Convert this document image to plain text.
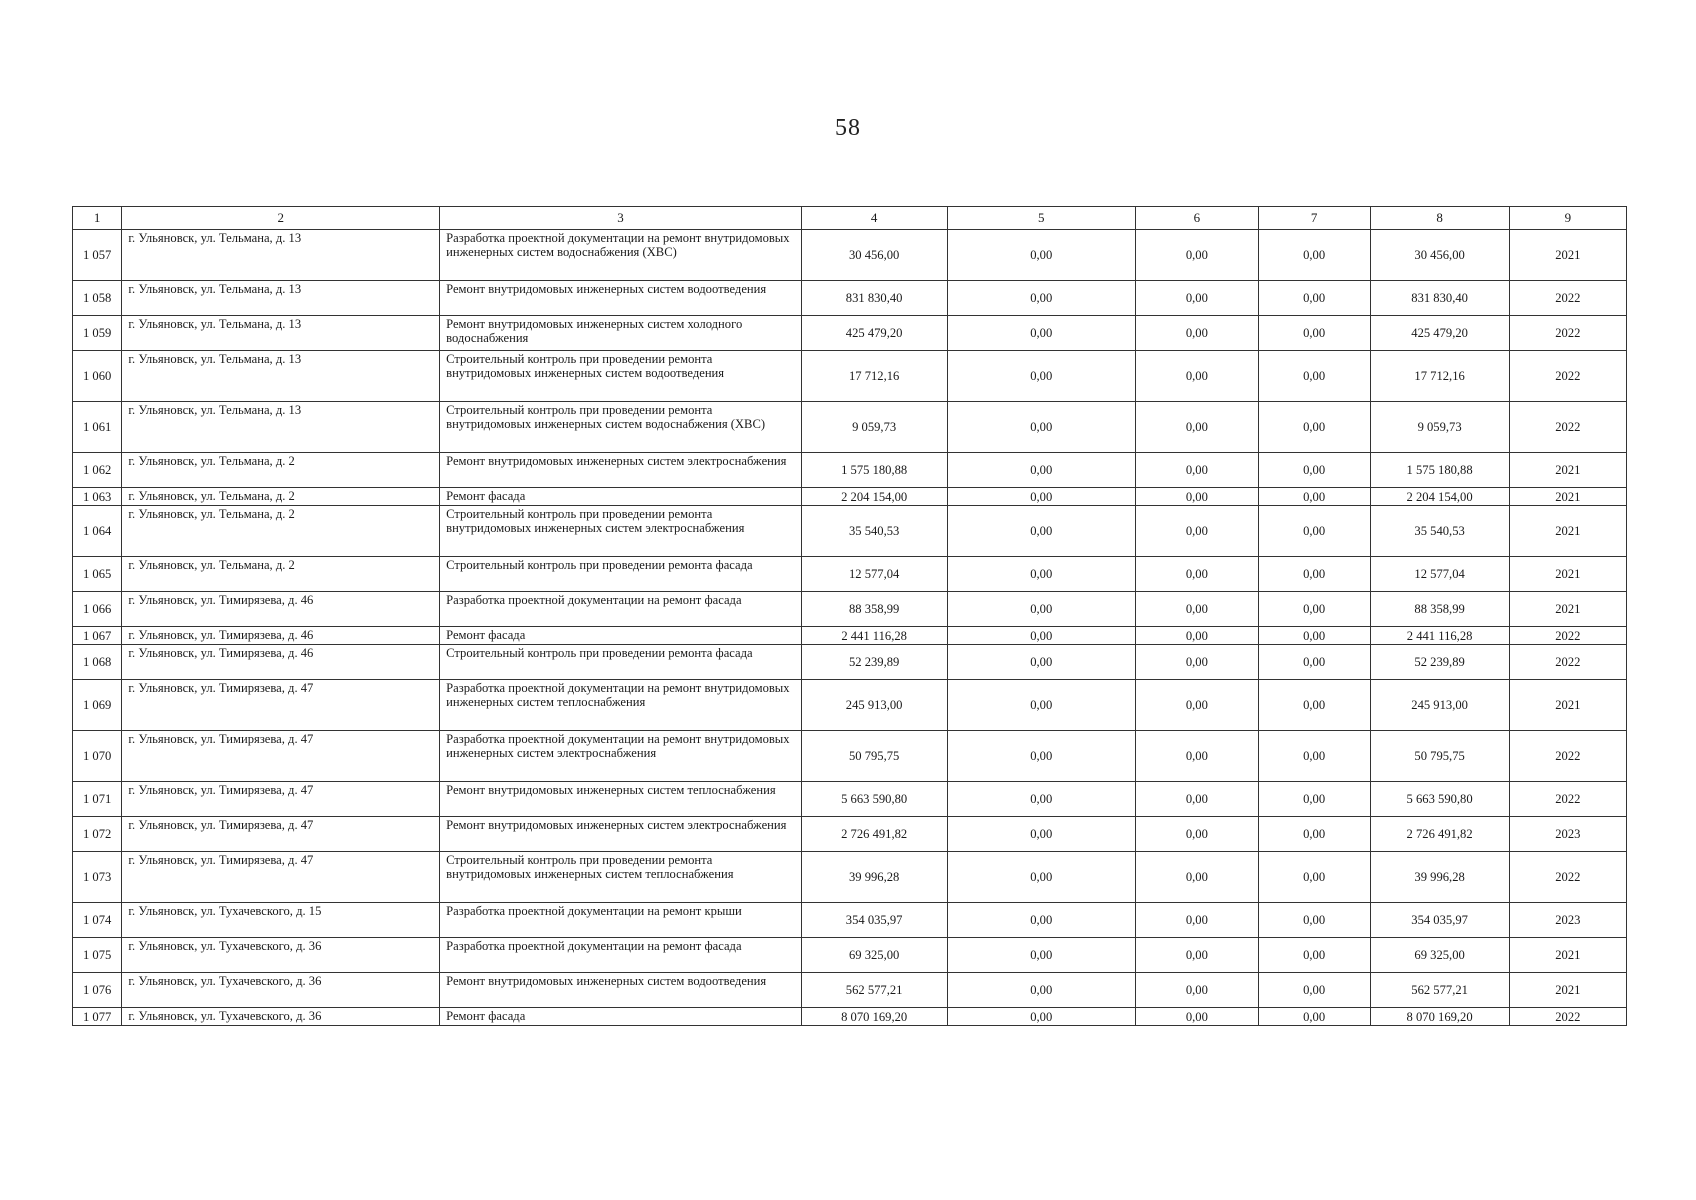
58
1	2	3	4	5	6	7	8	9
1 057	г. Ульяновск, ул. Тельмана, д. 13	Разработка проектной документации на ремонт внутридомовых инженерных систем водоснабжения (ХВС)	30 456,00	0,00	0,00	0,00	30 456,00	2021
1 058	г. Ульяновск, ул. Тельмана, д. 13	Ремонт внутридомовых инженерных систем водоотведения	831 830,40	0,00	0,00	0,00	831 830,40	2022
1 059	г. Ульяновск, ул. Тельмана, д. 13	Ремонт внутридомовых инженерных систем холодного водоснабжения	425 479,20	0,00	0,00	0,00	425 479,20	2022
1 060	г. Ульяновск, ул. Тельмана, д. 13	Строительный контроль при проведении ремонта внутридомовых инженерных систем водоотведения	17 712,16	0,00	0,00	0,00	17 712,16	2022
1 061	г. Ульяновск, ул. Тельмана, д. 13	Строительный контроль при проведении ремонта внутридомовых инженерных систем водоснабжения (ХВС)	9 059,73	0,00	0,00	0,00	9 059,73	2022
1 062	г. Ульяновск, ул. Тельмана, д. 2	Ремонт внутридомовых инженерных систем электроснабжения	1 575 180,88	0,00	0,00	0,00	1 575 180,88	2021
1 063	г. Ульяновск, ул. Тельмана, д. 2	Ремонт фасада	2 204 154,00	0,00	0,00	0,00	2 204 154,00	2021
1 064	г. Ульяновск, ул. Тельмана, д. 2	Строительный контроль при проведении ремонта внутридомовых инженерных систем электроснабжения	35 540,53	0,00	0,00	0,00	35 540,53	2021
1 065	г. Ульяновск, ул. Тельмана, д. 2	Строительный контроль при проведении ремонта фасада	12 577,04	0,00	0,00	0,00	12 577,04	2021
1 066	г. Ульяновск, ул. Тимирязева, д. 46	Разработка проектной документации на ремонт фасада	88 358,99	0,00	0,00	0,00	88 358,99	2021
1 067	г. Ульяновск, ул. Тимирязева, д. 46	Ремонт фасада	2 441 116,28	0,00	0,00	0,00	2 441 116,28	2022
1 068	г. Ульяновск, ул. Тимирязева, д. 46	Строительный контроль при проведении ремонта фасада	52 239,89	0,00	0,00	0,00	52 239,89	2022
1 069	г. Ульяновск, ул. Тимирязева, д. 47	Разработка проектной документации на ремонт внутридомовых инженерных систем теплоснабжения	245 913,00	0,00	0,00	0,00	245 913,00	2021
1 070	г. Ульяновск, ул. Тимирязева, д. 47	Разработка проектной документации на ремонт внутридомовых инженерных систем электроснабжения	50 795,75	0,00	0,00	0,00	50 795,75	2022
1 071	г. Ульяновск, ул. Тимирязева, д. 47	Ремонт внутридомовых инженерных систем теплоснабжения	5 663 590,80	0,00	0,00	0,00	5 663 590,80	2022
1 072	г. Ульяновск, ул. Тимирязева, д. 47	Ремонт внутридомовых инженерных систем электроснабжения	2 726 491,82	0,00	0,00	0,00	2 726 491,82	2023
1 073	г. Ульяновск, ул. Тимирязева, д. 47	Строительный контроль при проведении ремонта внутридомовых инженерных систем теплоснабжения	39 996,28	0,00	0,00	0,00	39 996,28	2022
1 074	г. Ульяновск, ул. Тухачевского, д. 15	Разработка проектной документации на ремонт крыши	354 035,97	0,00	0,00	0,00	354 035,97	2023
1 075	г. Ульяновск, ул. Тухачевского, д. 36	Разработка проектной документации на ремонт фасада	69 325,00	0,00	0,00	0,00	69 325,00	2021
1 076	г. Ульяновск, ул. Тухачевского, д. 36	Ремонт внутридомовых инженерных систем водоотведения	562 577,21	0,00	0,00	0,00	562 577,21	2021
1 077	г. Ульяновск, ул. Тухачевского, д. 36	Ремонт фасада	8 070 169,20	0,00	0,00	0,00	8 070 169,20	2022
